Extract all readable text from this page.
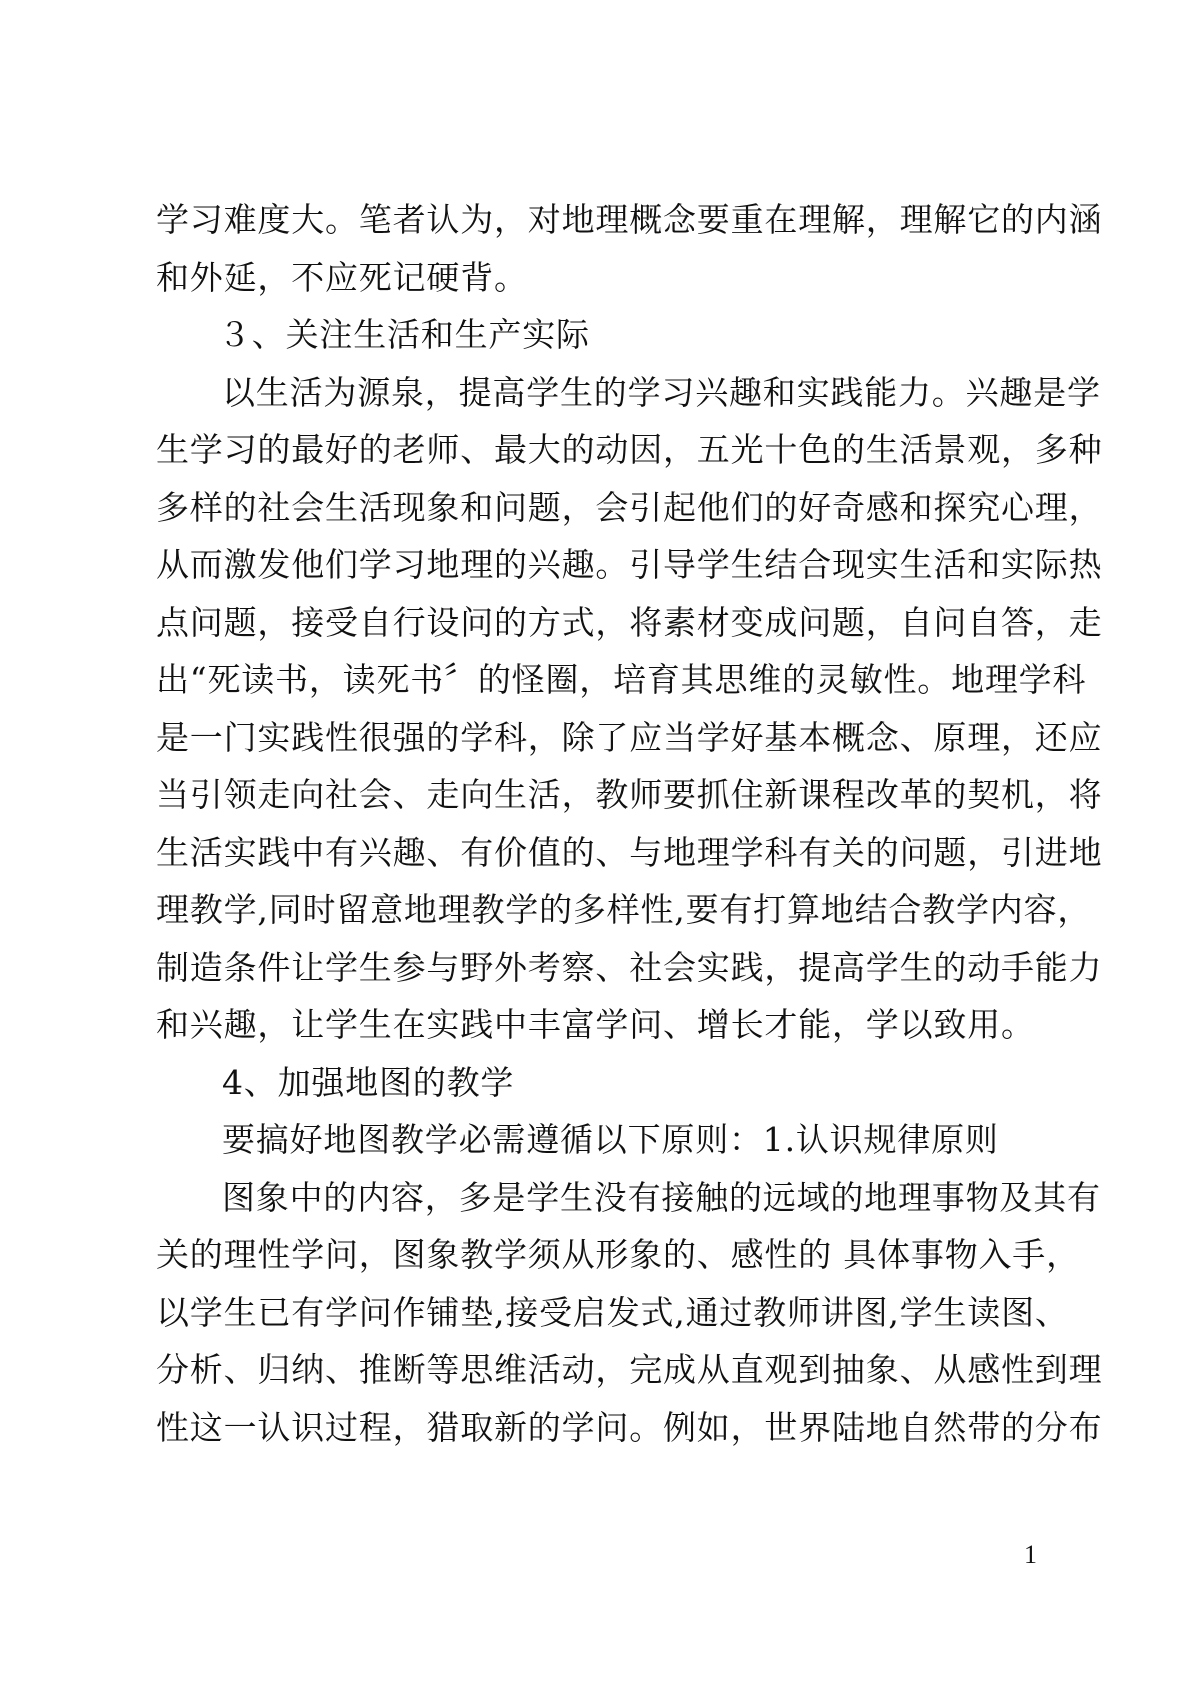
学习难度大。笔者认为，对地理概念要重在理解，理解它的内涵
和外延，不应死记硬背。
３、关注生活和生产实际
以生活为源泉，提高学生的学习兴趣和实践能力。兴趣是学
生学习的最好的老师、最大的动因，五光十色的生活景观，多种
多样的社会生活现象和问题，会引起他们的好奇感和探究心理，
从而激发他们学习地理的兴趣。引导学生结合现实生活和实际热
点问题，接受自行设问的方式，将素材变成问题，自问自答，走
出“死读书，读死书〞的怪圈，培育其思维的灵敏性。地理学科
是一门实践性很强的学科，除了应当学好基本概念、原理，还应
当引领走向社会、走向生活，教师要抓住新课程改革的契机，将
生活实践中有兴趣、有价值的、与地理学科有关的问题，引进地
理教学,同时留意地理教学的多样性,要有打算地结合教学内容，
制造条件让学生参与野外考察、社会实践，提高学生的动手能力
和兴趣，让学生在实践中丰富学问、增长才能，学以致用。
4、加强地图的教学
要搞好地图教学必需遵循以下原则：1.认识规律原则
图象中的内容，多是学生没有接触的远域的地理事物及其有
关的理性学问，图象教学须从形象的、感性的 具体事物入手，
以学生已有学问作铺垫,接受启发式,通过教师讲图,学生读图、
分析、归纳、推断等思维活动，完成从直观到抽象、从感性到理
性这一认识过程，猎取新的学问。例如，世界陆地自然带的分布
1
